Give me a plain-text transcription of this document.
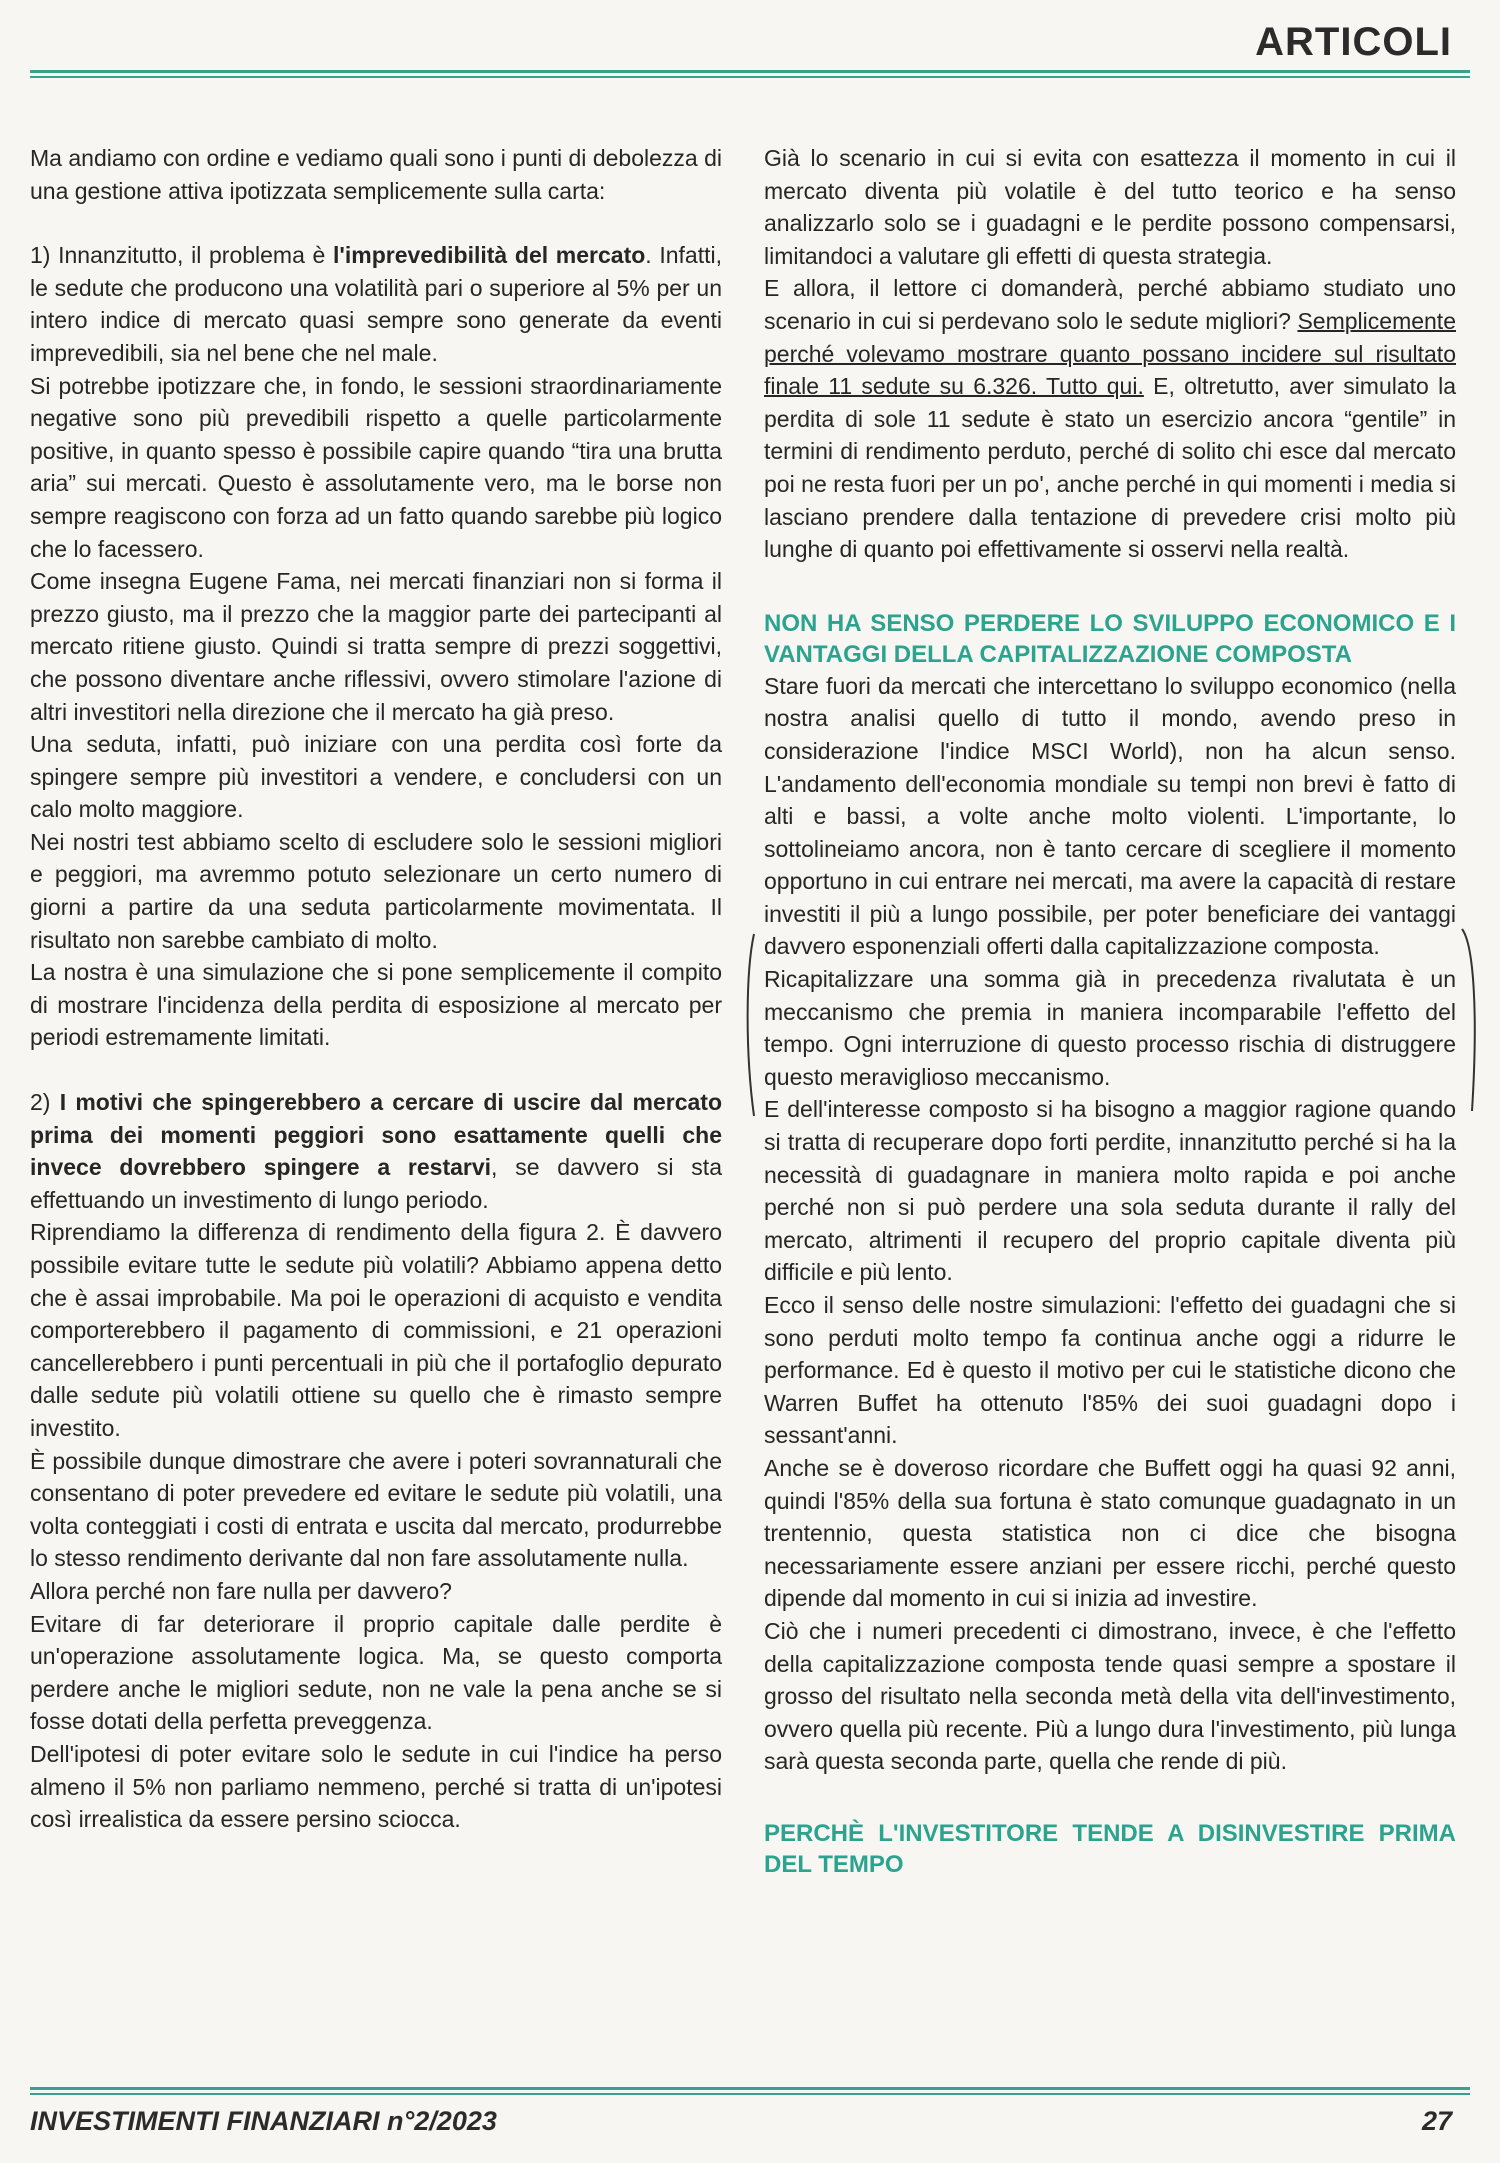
ARTICOLI

Ma andiamo con ordine e vediamo quali sono i punti di debolezza di una gestione attiva ipotizzata semplicemente sulla carta:

1) Innanzitutto, il problema è l'imprevedibilità del mercato. Infatti, le sedute che producono una volatilità pari o superiore al 5% per un intero indice di mercato quasi sempre sono generate da eventi imprevedibili, sia nel bene che nel male.

Si potrebbe ipotizzare che, in fondo, le sessioni straordinariamente negative sono più prevedibili rispetto a quelle particolarmente positive, in quanto spesso è possibile capire quando “tira una brutta aria” sui mercati. Questo è assolutamente vero, ma le borse non sempre reagiscono con forza ad un fatto quando sarebbe più logico che lo facessero.

Come insegna Eugene Fama, nei mercati finanziari non si forma il prezzo giusto, ma il prezzo che la maggior parte dei partecipanti al mercato ritiene giusto. Quindi si tratta sempre di prezzi soggettivi, che possono diventare anche riflessivi, ovvero stimolare l'azione di altri investitori nella direzione che il mercato ha già preso.

Una seduta, infatti, può iniziare con una perdita così forte da spingere sempre più investitori a vendere, e concludersi con un calo molto maggiore.

Nei nostri test abbiamo scelto di escludere solo le sessioni migliori e peggiori, ma avremmo potuto selezionare un certo numero di giorni a partire da una seduta particolarmente movimentata. Il risultato non sarebbe cambiato di molto.

La nostra è una simulazione che si pone semplicemente il compito di mostrare l'incidenza della perdita di esposizione al mercato per periodi estremamente limitati.

2) I motivi che spingerebbero a cercare di uscire dal mercato prima dei momenti peggiori sono esattamente quelli che invece dovrebbero spingere a restarvi, se davvero si sta effettuando un investimento di lungo periodo.

Riprendiamo la differenza di rendimento della figura 2. È davvero possibile evitare tutte le sedute più volatili? Abbiamo appena detto che è assai improbabile. Ma poi le operazioni di acquisto e vendita comporterebbero il pagamento di commissioni, e 21 operazioni cancellerebbero i punti percentuali in più che il portafoglio depurato dalle sedute più volatili ottiene su quello che è rimasto sempre investito.

È possibile dunque dimostrare che avere i poteri sovrannaturali che consentano di poter prevedere ed evitare le sedute più volatili, una volta conteggiati i costi di entrata e uscita dal mercato, produrrebbe lo stesso rendimento derivante dal non fare assolutamente nulla.

Allora perché non fare nulla per davvero?

Evitare di far deteriorare il proprio capitale dalle perdite è un'operazione assolutamente logica. Ma, se questo comporta perdere anche le migliori sedute, non ne vale la pena anche se si fosse dotati della perfetta preveggenza.

Dell'ipotesi di poter evitare solo le sedute in cui l'indice ha perso almeno il 5% non parliamo nemmeno, perché si tratta di un'ipotesi così irrealistica da essere persino sciocca.

Già lo scenario in cui si evita con esattezza il momento in cui il mercato diventa più volatile è del tutto teorico e ha senso analizzarlo solo se i guadagni e le perdite possono compensarsi, limitandoci a valutare gli effetti di questa strategia.

E allora, il lettore ci domanderà, perché abbiamo studiato uno scenario in cui si perdevano solo le sedute migliori? Semplicemente perché volevamo mostrare quanto possano incidere sul risultato finale 11 sedute su 6.326. Tutto qui. E, oltretutto, aver simulato la perdita di sole 11 sedute è stato un esercizio ancora “gentile” in termini di rendimento perduto, perché di solito chi esce dal mercato poi ne resta fuori per un po', anche perché in qui momenti i media si lasciano prendere dalla tentazione di prevedere crisi molto più lunghe di quanto poi effettivamente si osservi nella realtà.

NON HA SENSO PERDERE LO SVILUPPO ECONOMICO E I VANTAGGI DELLA CAPITALIZZAZIONE COMPOSTA

Stare fuori da mercati che intercettano lo sviluppo economico (nella nostra analisi quello di tutto il mondo, avendo preso in considerazione l'indice MSCI World), non ha alcun senso. L'andamento dell'economia mondiale su tempi non brevi è fatto di alti e bassi, a volte anche molto violenti. L'importante, lo sottolineiamo ancora, non è tanto cercare di scegliere il momento opportuno in cui entrare nei mercati, ma avere la capacità di restare investiti il più a lungo possibile, per poter beneficiare dei vantaggi davvero esponenziali offerti dalla capitalizzazione composta.

Ricapitalizzare una somma già in precedenza rivalutata è un meccanismo che premia in maniera incomparabile l'effetto del tempo. Ogni interruzione di questo processo rischia di distruggere questo meraviglioso meccanismo.

E dell'interesse composto si ha bisogno a maggior ragione quando si tratta di recuperare dopo forti perdite, innanzitutto perché si ha la necessità di guadagnare in maniera molto rapida e poi anche perché non si può perdere una sola seduta durante il rally del mercato, altrimenti il recupero del proprio capitale diventa più difficile e più lento.

Ecco il senso delle nostre simulazioni: l'effetto dei guadagni che si sono perduti molto tempo fa continua anche oggi a ridurre le performance. Ed è questo il motivo per cui le statistiche dicono che Warren Buffet ha ottenuto l'85% dei suoi guadagni dopo i sessant'anni.

Anche se è doveroso ricordare che Buffett oggi ha quasi 92 anni, quindi l'85% della sua fortuna è stato comunque guadagnato in un trentennio, questa statistica non ci dice che bisogna necessariamente essere anziani per essere ricchi, perché questo dipende dal momento in cui si inizia ad investire.

Ciò che i numeri precedenti ci dimostrano, invece, è che l'effetto della capitalizzazione composta tende quasi sempre a spostare il grosso del risultato nella seconda metà della vita dell'investimento, ovvero quella più recente. Più a lungo dura l'investimento, più lunga sarà questa seconda parte, quella che rende di più.

PERCHÈ L'INVESTITORE TENDE A DISINVESTIRE PRIMA DEL TEMPO

INVESTIMENTI FINANZIARI n°2/2023	27
